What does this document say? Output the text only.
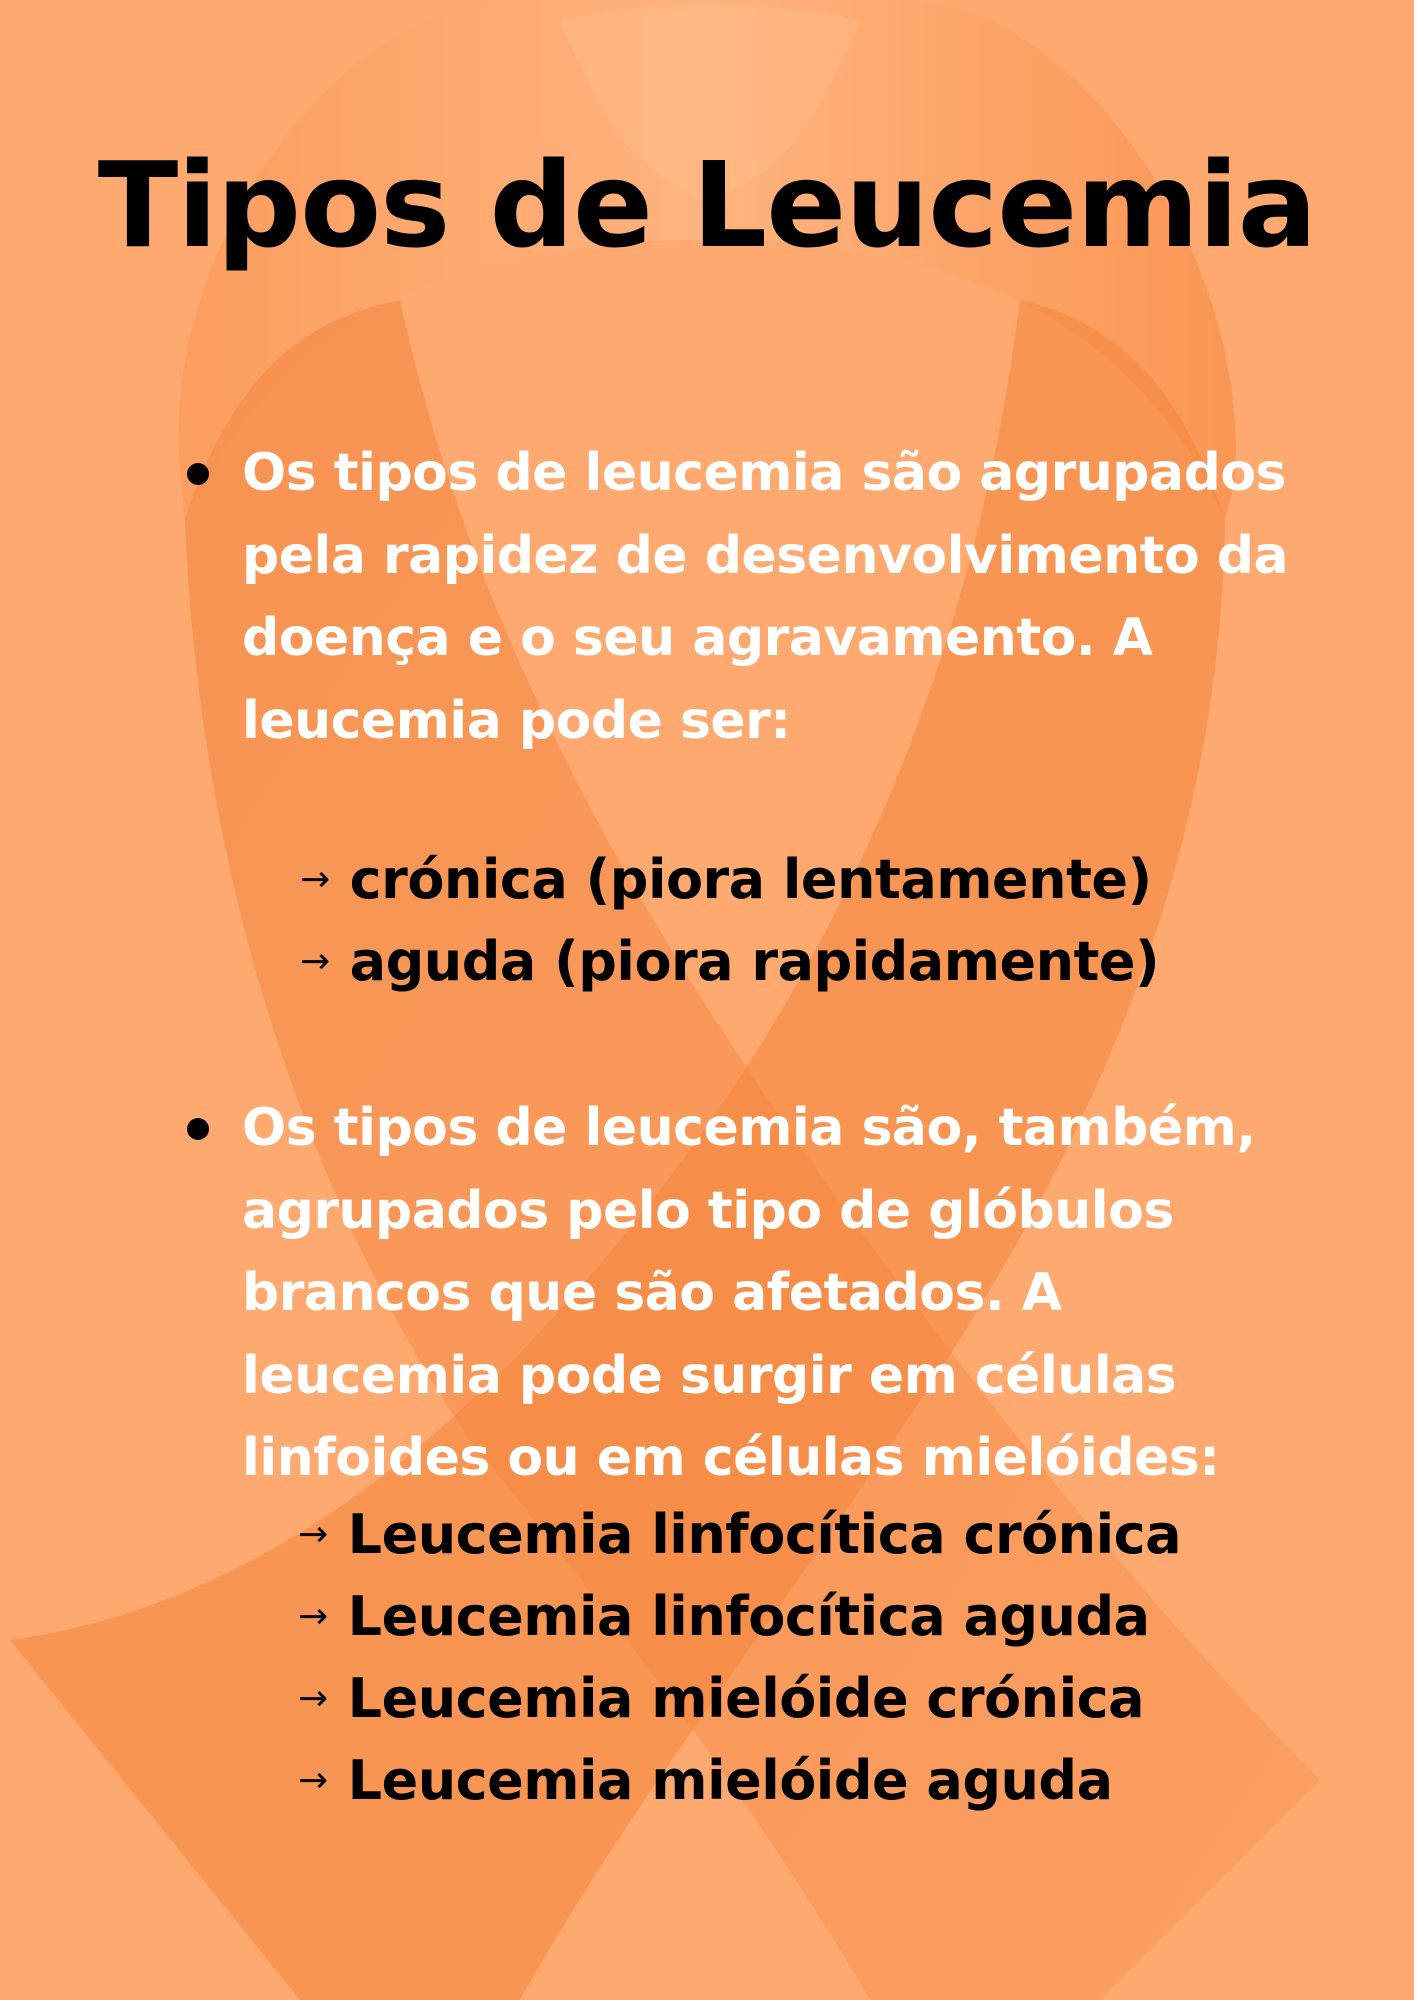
Tipos de Leucemia

Os tipos de leucemia são agrupados pela rapidez de desenvolvimento da doença e o seu agravamento. A leucemia pode ser:

→ crónica (piora lentamente)

→ aguda (piora rapidamente)

Os tipos de leucemia são, também, agrupados pelo tipo de glóbulos brancos que são afetados. A leucemia pode surgir em células linfoides ou em células mielóides:

→ Leucemia linfocítica crónica

→ Leucemia linfocítica aguda

→ Leucemia mielóide crónica

→ Leucemia mielóide aguda
